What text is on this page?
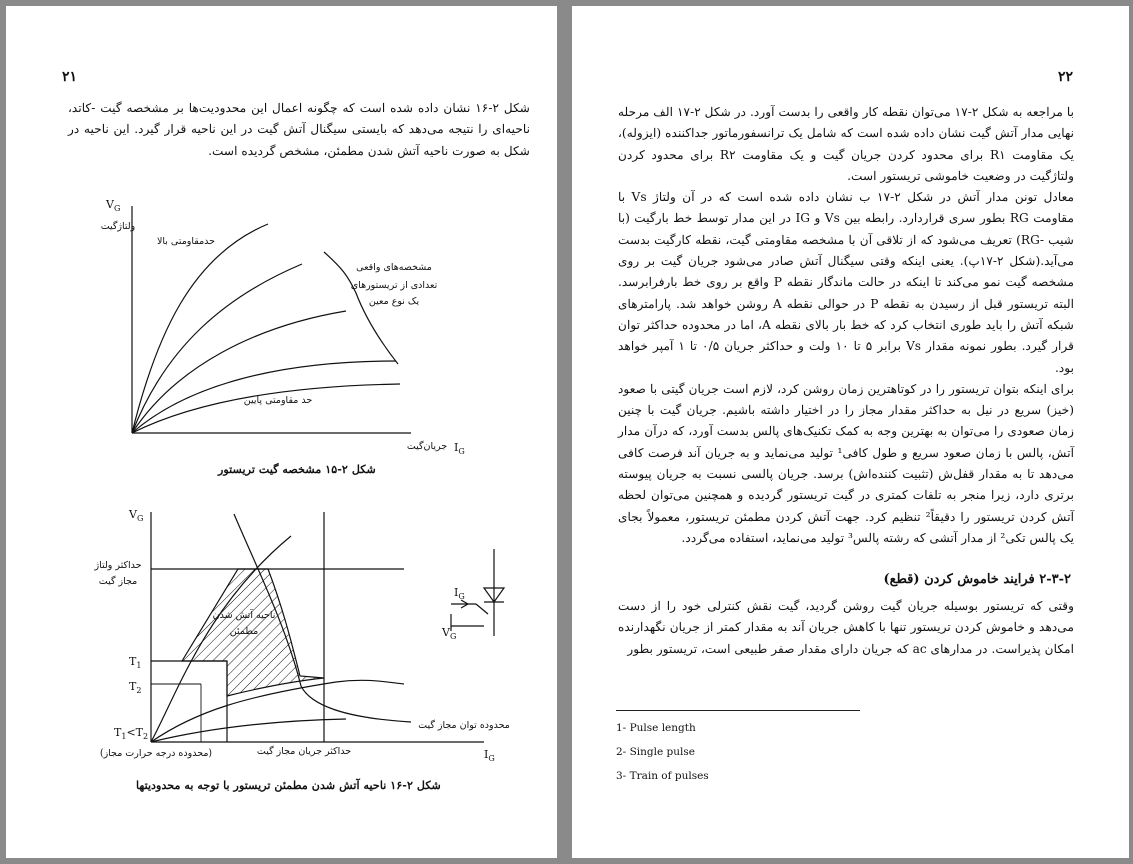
۲۱

شکل ۲-۱۶ نشان داده شده است که چگونه اعمال این محدودیت‌ها بر مشخصه گیت -کاتد، ناحیه‌ای را نتیجه می‌دهد که بایستی سیگنال آتش گیت در این ناحیه قرار گیرد. این ناحیه در شکل به صورت ناحیه آتش شدن مطمئن، مشخص گردیده است.

$V_G$
ولتاژگیت
حدمقاومتی بالا
مشخصه‌های واقعی
تعدادی از تریستورهای
یک نوع معین
حد مقاومتی پایین
جریان‌گیت $I_G$
شکل ۲-۱۵ مشخصه گیت تریستور
$V_G$
حداکثر ولتاژ
مجاز گیت
ناحیه آتش شدن
مطمئن
$T_1$
$T_2$
$T_1<T_2$
(محدوده درجه حرارت مجاز)	حداکثر جریان مجاز گیت
محدوده توان مجاز گیت
$I_G$
$I_G$
$V_G$
شکل ۲-۱۶ ناحیه آتش شدن مطمئن تریستور با توجه به محدودیتها
۲۲

با مراجعه به شکل ۲-۱۷ می‌توان نقطه کار واقعی را بدست آورد. در شکل ۲-۱۷ الف مرحله نهایی مدار آتش گیت نشان داده شده است که شامل یک ترانسفورماتور جداکننده (ایزوله)، یک مقاومت R۱ برای محدود کردن جریان گیت و یک مقاومت R۲ برای محدود کردن ولتاژگیت در وضعیت خاموشی تریستور است.

معادل تونن مدار آتش در شکل ۲-۱۷ ب نشان داده شده است که در آن ولتاژ Vs با مقاومت RG بطور سری قراردارد. رابطه بین Vs و IG در این مدار توسط خط بارگیت (با شیب -RG) تعریف می‌شود که از تلاقی آن با مشخصه مقاومتی گیت، نقطه کارگیت بدست می‌آید.(شکل ۲-۱۷پ). یعنی اینکه وقتی سیگنال آتش صادر می‌شود جریان گیت بر روی مشخصه گیت نمو می‌کند تا اینکه در حالت ماندگار نقطه P واقع بر روی خط بارفرابرسد. البته تریستور قبل از رسیدن به نقطه P در حوالی نقطه A روشن خواهد شد. پارامترهای شبکه آتش را باید طوری انتخاب کرد که خط بار بالای نقطه A، اما در محدوده حداکثر توان قرار گیرد. بطور نمونه مقدار Vs برابر ۵ تا ۱۰ ولت و حداکثر جریان ۰/۵ تا ۱ آمپر خواهد بود.

برای اینکه بتوان تریستور را در کوتاهترین زمان روشن کرد، لازم است جریان گیتی با صعود (خیز) سریع در نیل به حداکثر مقدار مجاز را در اختیار داشته باشیم. جریان گیت با چنین زمان صعودی را می‌توان به بهترین وجه به کمک تکنیک‌های پالس بدست آورد، که درآن مدار آتش، پالس با زمان صعود سریع و طول کافی¹ تولید می‌نماید و به جریان آند فرصت کافی می‌دهد تا به مقدار قفل‌ش (تثبیت کننده‌اش) برسد. جریان پالسی نسبت به جریان پیوسته برتری دارد، زیرا منجر به تلفات کمتری در گیت تریستور گردیده و همچنین می‌توان لحظه آتش کردن تریستور را دقیقاً² تنظیم کرد. جهت آتش کردن مطمئن تریستور، معمولاً بجای یک پالس تکی² از مدار آتشی که رشته پالس³ تولید می‌نماید، استفاده می‌گردد.

۲-۳-۲ فرایند خاموش کردن (قطع)

وقتی که تریستور بوسیله جریان گیت روشن گردید، گیت نقش کنترلی خود را از دست می‌دهد و خاموش کردن تریستور تنها با کاهش جریان آند به مقدار کمتر از جریان نگهدارنده امکان پذیراست. در مدارهای ac که جریان دارای مقدار صفر طبیعی است، تریستور بطور

1- Pulse length
2- Single pulse
3- Train of pulses
